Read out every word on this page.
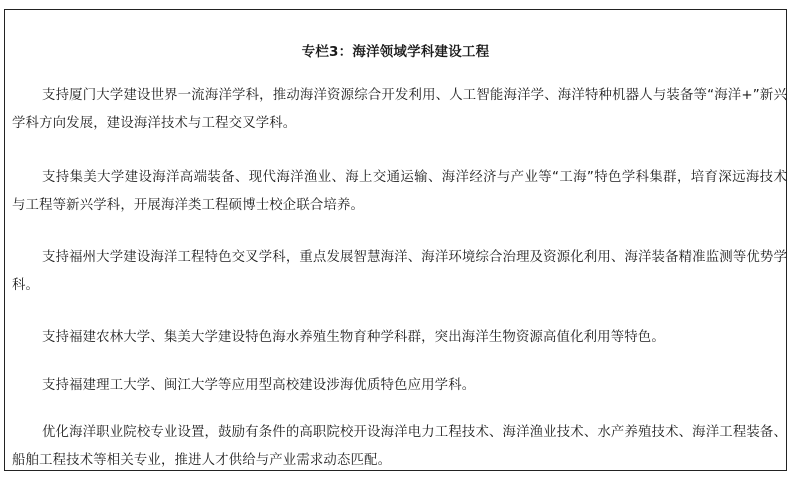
专栏3：海洋领域学科建设工程

支持厦门大学建设世界一流海洋学科，推动海洋资源综合开发利用、人工智能海洋学、海洋特种机器人与装备等“海洋+”新兴学科方向发展，建设海洋技术与工程交叉学科。

支持集美大学建设海洋高端装备、现代海洋渔业、海上交通运输、海洋经济与产业等“工海”特色学科集群，培育深远海技术与工程等新兴学科，开展海洋类工程硕博士校企联合培养。

支持福州大学建设海洋工程特色交叉学科，重点发展智慧海洋、海洋环境综合治理及资源化利用、海洋装备精准监测等优势学科。

支持福建农林大学、集美大学建设特色海水养殖生物育种学科群，突出海洋生物资源高值化利用等特色。

支持福建理工大学、闽江大学等应用型高校建设涉海优质特色应用学科。

优化海洋职业院校专业设置，鼓励有条件的高职院校开设海洋电力工程技术、海洋渔业技术、水产养殖技术、海洋工程装备、船舶工程技术等相关专业，推进人才供给与产业需求动态匹配。
